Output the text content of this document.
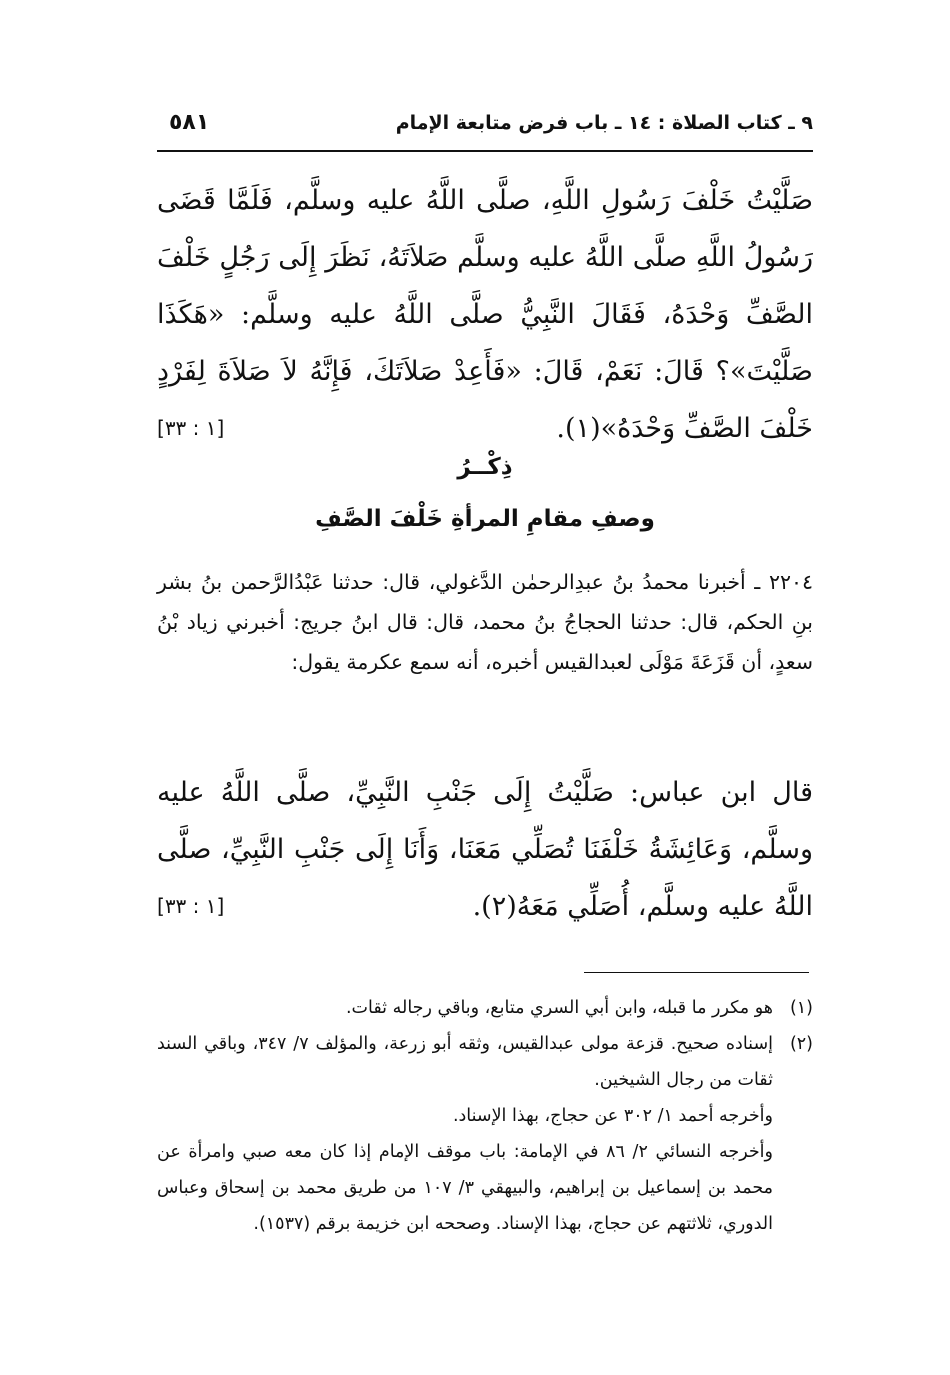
٩ ـ كتاب الصلاة : ١٤ ـ باب فرض متابعة الإمام
٥٨١
صَلَّيْتُ خَلْفَ رَسُولِ اللَّهِ، صلَّى اللَّهُ عليه وسلَّم، فَلَمَّا قَضَى رَسُولُ اللَّهِ صلَّى اللَّهُ عليه وسلَّم صَلاَتَهُ، نَظَرَ إِلَى رَجُلٍ خَلْفَ الصَّفِّ وَحْدَهُ، فَقَالَ النَّبِيُّ صلَّى اللَّهُ عليه وسلَّم: «هَكَذَا صَلَّيْتَ»؟ قَالَ: نَعَمْ، قَالَ: «فَأَعِدْ صَلاَتَكَ، فَإِنَّهُ لاَ صَلاَةَ لِفَرْدٍ خَلْفَ الصَّفِّ وَحْدَهُ»(١).
[١ : ٣٣]
ذِكْــرُ
وصفِ مقامِ المرأةِ خَلْفَ الصَّفِ
٢٢٠٤ ـ أخبرنا محمدُ بنُ عبدِالرحمٰن الدَّغولي، قال: حدثنا عَبْدُالرَّحمن بنُ بشر بنِ الحكم، قال: حدثنا الحجاجُ بنُ محمد، قال: قال ابنُ جريج: أخبرني زياد بْنُ سعدٍ، أن قَزَعَةَ مَوْلَى لعبدالقيس أخبره، أنه سمع عكرمة يقول:
قال ابن عباس: صَلَّيْتُ إِلَى جَنْبِ النَّبِيِّ، صلَّى اللَّهُ عليه وسلَّم، وَعَائِشَةُ خَلْفَنَا تُصَلِّي مَعَنَا، وَأَنَا إِلَى جَنْبِ النَّبِيِّ، صلَّى اللَّهُ عليه وسلَّم، أُصَلِّي مَعَهُ(٢).
[١ : ٣٣]
(١)
هو مكرر ما قبله، وابن أبي السري متابع، وباقي رجاله ثقات.
(٢)
إسناده صحيح. قزعة مولى عبدالقيس، وثقه أبو زرعة، والمؤلف ٧/ ٣٤٧، وباقي السند ثقات من رجال الشيخين.
وأخرجه أحمد ١/ ٣٠٢ عن حجاج، بهذا الإسناد.
وأخرجه النسائي ٢/ ٨٦ في الإمامة: باب موقف الإمام إذا كان معه صبي وامرأة عن محمد بن إسماعيل بن إبراهيم، والبيهقي ٣/ ١٠٧ من طريق محمد بن إسحاق وعباس الدوري، ثلاثتهم عن حجاج، بهذا الإسناد. وصححه ابن خزيمة برقم (١٥٣٧).
